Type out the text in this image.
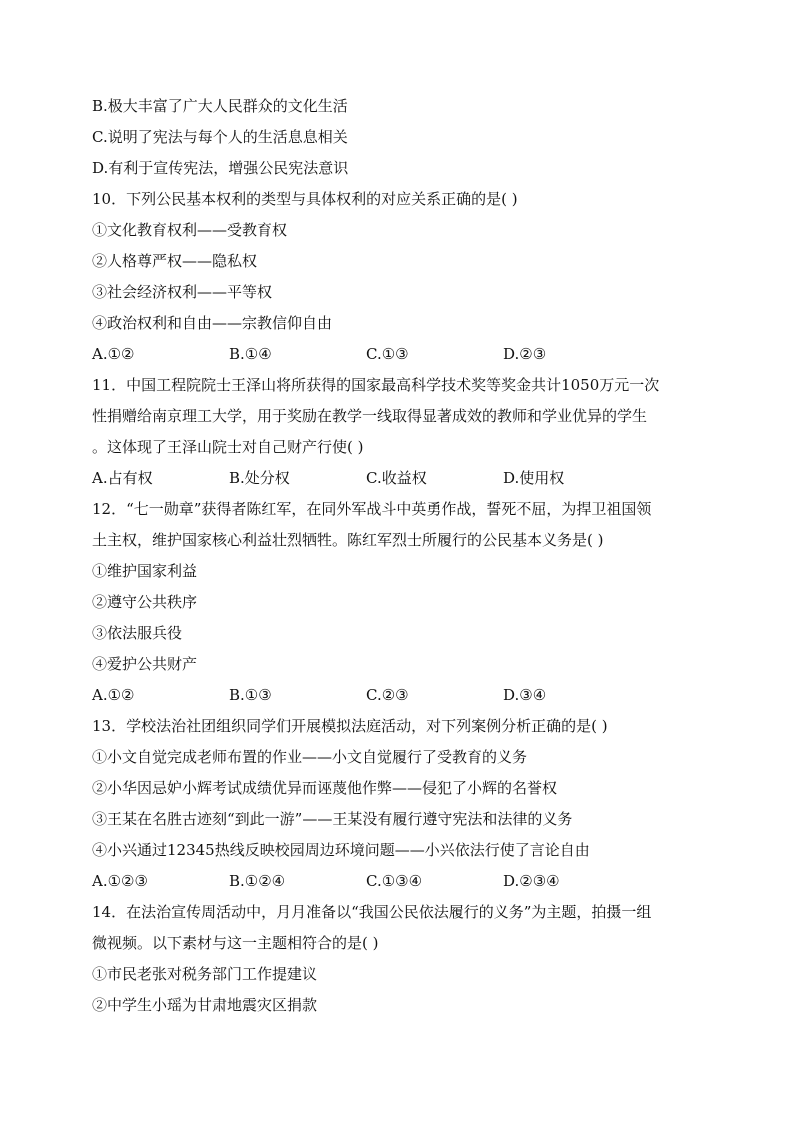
B.极大丰富了广大人民群众的文化生活
C.说明了宪法与每个人的生活息息相关
D.有利于宣传宪法，增强公民宪法意识
10．下列公民基本权利的类型与具体权利的对应关系正确的是( )
①文化教育权利——受教育权
②人格尊严权——隐私权
③社会经济权利——平等权
④政治权利和自由——宗教信仰自由
A.①②	B.①④	C.①③	D.②③
11．中国工程院院士王泽山将所获得的国家最高科学技术奖等奖金共计1050万元一次
性捐赠给南京理工大学，用于奖励在教学一线取得显著成效的教师和学业优异的学生
。这体现了王泽山院士对自己财产行使( )
A.占有权	B.处分权	C.收益权	D.使用权
12．“七一勋章”获得者陈红军，在同外军战斗中英勇作战，誓死不屈，为捍卫祖国领
土主权，维护国家核心利益壮烈牺牲。陈红军烈士所履行的公民基本义务是( )
①维护国家利益
②遵守公共秩序
③依法服兵役
④爱护公共财产
A.①②	B.①③	C.②③	D.③④
13．学校法治社团组织同学们开展模拟法庭活动，对下列案例分析正确的是( )
①小文自觉完成老师布置的作业——小文自觉履行了受教育的义务
②小华因忌妒小辉考试成绩优异而诬蔑他作弊——侵犯了小辉的名誉权
③王某在名胜古迹刻“到此一游”——王某没有履行遵守宪法和法律的义务
④小兴通过12345热线反映校园周边环境问题——小兴依法行使了言论自由
A.①②③	B.①②④	C.①③④	D.②③④
14．在法治宣传周活动中，月月准备以“我国公民依法履行的义务”为主题，拍摄一组
微视频。以下素材与这一主题相符合的是( )
①市民老张对税务部门工作提建议
②中学生小瑶为甘肃地震灾区捐款
